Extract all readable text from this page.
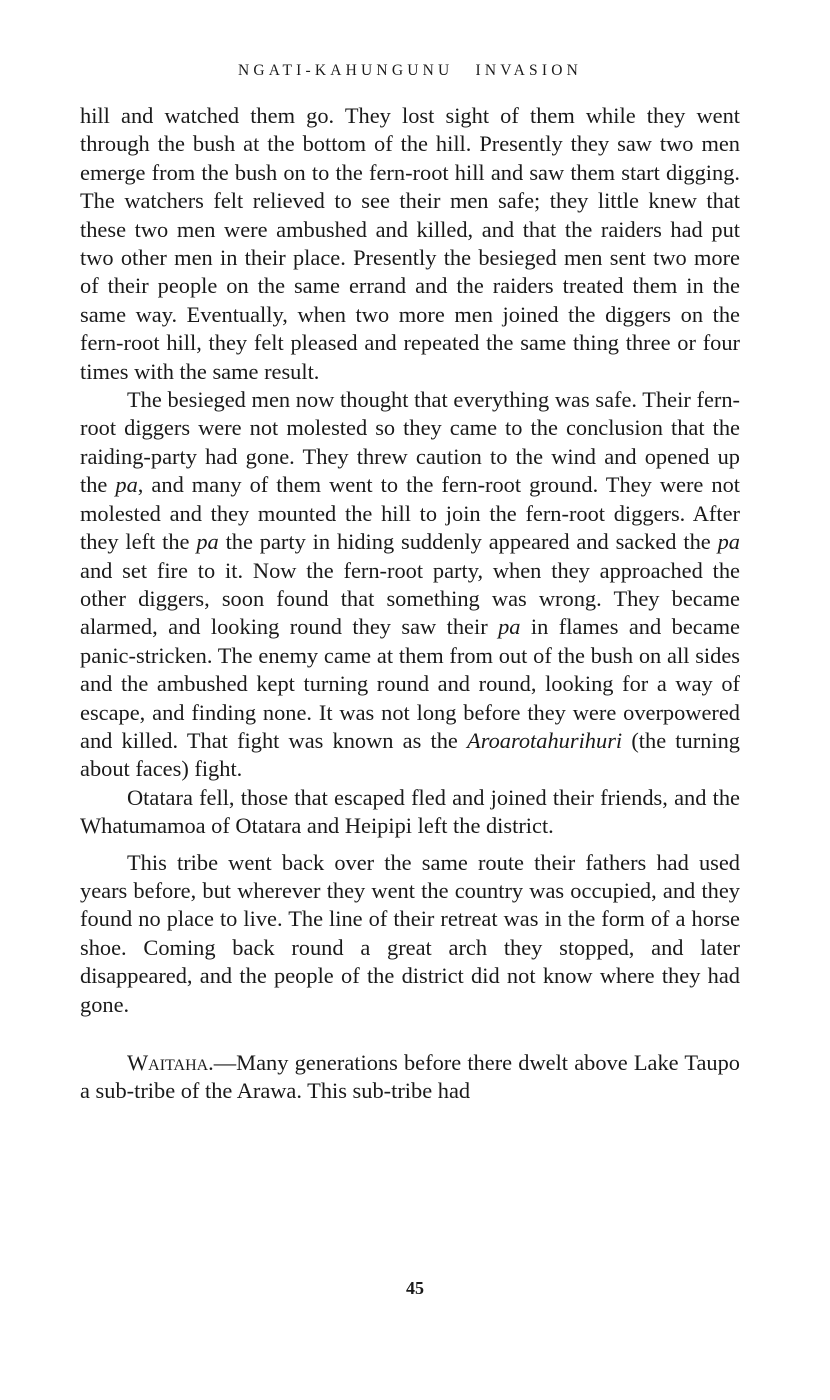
NGATI-KAHUNGUNU INVASION

hill and watched them go. They lost sight of them while they went through the bush at the bottom of the hill. Presently they saw two men emerge from the bush on to the fern-root hill and saw them start digging. The watchers felt relieved to see their men safe; they little knew that these two men were ambushed and killed, and that the raiders had put two other men in their place. Presently the besieged men sent two more of their people on the same errand and the raiders treated them in the same way. Eventually, when two more men joined the diggers on the fern-root hill, they felt pleased and repeated the same thing three or four times with the same result.

The besieged men now thought that everything was safe. Their fern-root diggers were not molested so they came to the conclusion that the raiding-party had gone. They threw caution to the wind and opened up the pa, and many of them went to the fern-root ground. They were not molested and they mounted the hill to join the fern-root diggers. After they left the pa the party in hiding suddenly appeared and sacked the pa and set fire to it. Now the fern-root party, when they approached the other diggers, soon found that something was wrong. They became alarmed, and looking round they saw their pa in flames and became panic-stricken. The enemy came at them from out of the bush on all sides and the ambushed kept turning round and round, looking for a way of escape, and finding none. It was not long before they were overpowered and killed. That fight was known as the Aroarotahurihuri (the turning about faces) fight.

Otatara fell, those that escaped fled and joined their friends, and the Whatumamoa of Otatara and Heipipi left the district.

This tribe went back over the same route their fathers had used years before, but wherever they went the country was occupied, and they found no place to live. The line of their retreat was in the form of a horse shoe. Coming back round a great arch they stopped, and later disappeared, and the people of the district did not know where they had gone.

Waitaha.—Many generations before there dwelt above Lake Taupo a sub-tribe of the Arawa. This sub-tribe had

45
